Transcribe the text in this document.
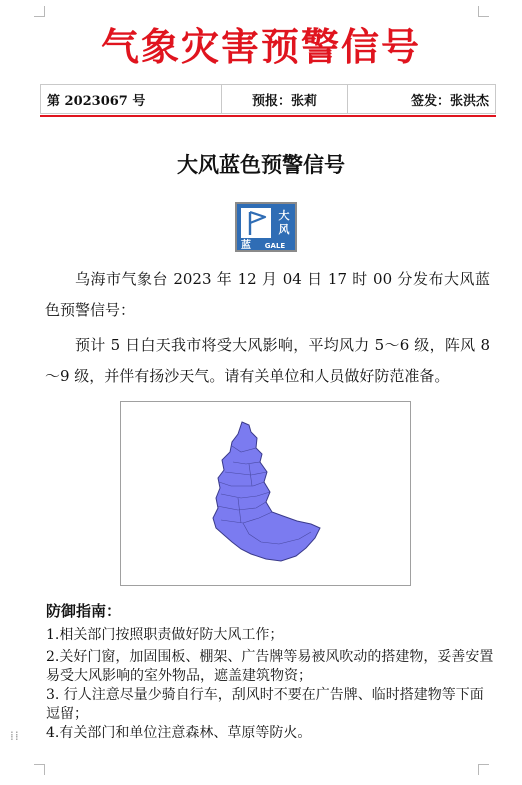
气象灾害预警信号
第 2023067 号	预报：张莉	签发：张洪杰
大风蓝色预警信号
大
风
蓝	GALE

乌海市气象台 2023 年 12 月 04 日 17 时 00 分发布大风蓝色预警信号：

预计 5 日白天我市将受大风影响，平均风力 5～6 级，阵风 8～9 级，并伴有扬沙天气。请有关单位和人员做好防范准备。

防御指南：
1.相关部门按照职责做好防大风工作；
2.关好门窗，加固围板、棚架、广告牌等易被风吹动的搭建物，妥善安置易受大风影响的室外物品，遮盖建筑物资；
3. 行人注意尽量少骑自行车，刮风时不要在广告牌、临时搭建物等下面逗留；
4.有关部门和单位注意森林、草原等防火。
⁞⁞
